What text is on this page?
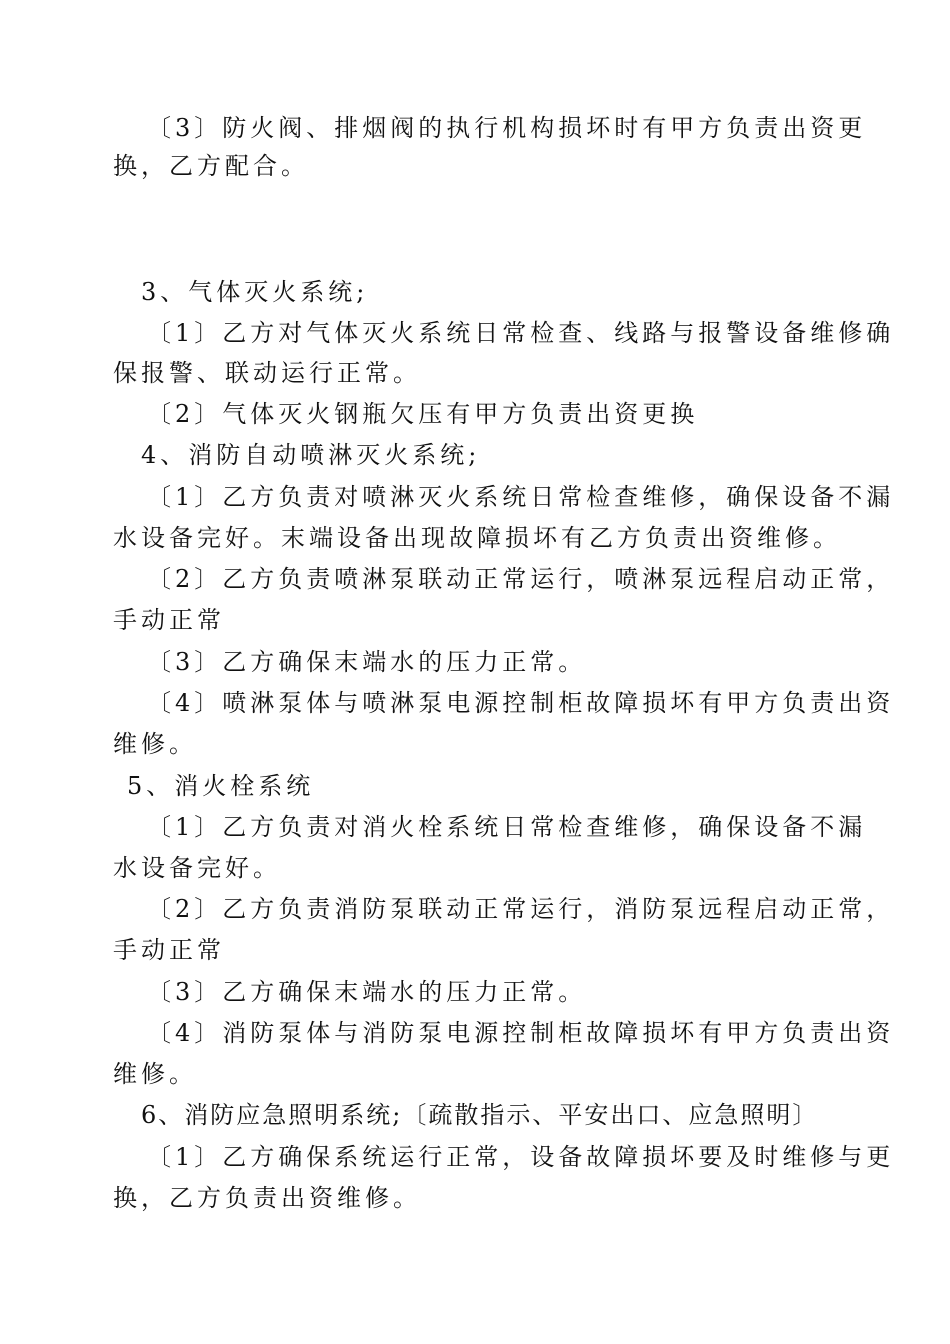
〔3〕防火阀、排烟阀的执行机构损坏时有甲方负责出资更
换，乙方配合。
3、气体灭火系统;
〔1〕乙方对气体灭火系统日常检查、线路与报警设备维修确
保报警、联动运行正常。
〔2〕气体灭火钢瓶欠压有甲方负责出资更换
4、消防自动喷淋灭火系统;
〔1〕乙方负责对喷淋灭火系统日常检查维修，确保设备不漏
水设备完好。末端设备出现故障损坏有乙方负责出资维修。
〔2〕乙方负责喷淋泵联动正常运行，喷淋泵远程启动正常，
手动正常
〔3〕乙方确保末端水的压力正常。
〔4〕喷淋泵体与喷淋泵电源控制柜故障损坏有甲方负责出资
维修。
5、消火栓系统
〔1〕乙方负责对消火栓系统日常检查维修，确保设备不漏
水设备完好。
〔2〕乙方负责消防泵联动正常运行，消防泵远程启动正常，
手动正常
〔3〕乙方确保末端水的压力正常。
〔4〕消防泵体与消防泵电源控制柜故障损坏有甲方负责出资
维修。
6、消防应急照明系统;〔疏散指示、平安出口、应急照明〕
〔1〕乙方确保系统运行正常，设备故障损坏要及时维修与更
换，乙方负责出资维修。
